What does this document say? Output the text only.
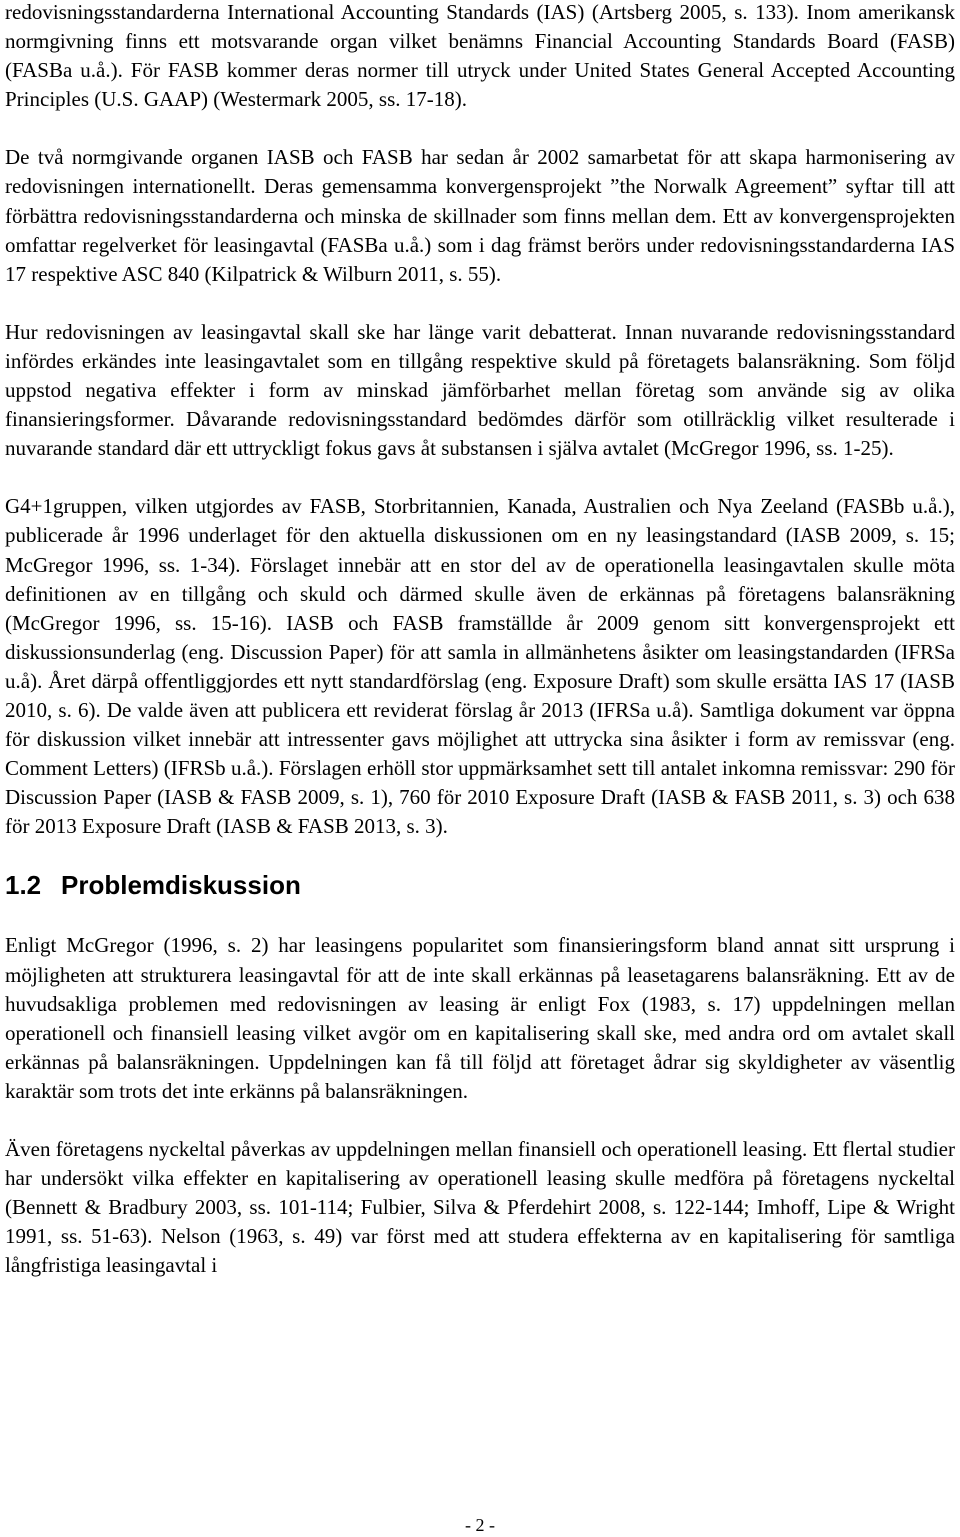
redovisningsstandarderna International Accounting Standards (IAS) (Artsberg 2005, s. 133). Inom amerikansk normgivning finns ett motsvarande organ vilket benämns Financial Accounting Standards Board (FASB) (FASBa u.å.). För FASB kommer deras normer till utryck under United States General Accepted Accounting Principles (U.S. GAAP) (Westermark 2005, ss. 17-18).

De två normgivande organen IASB och FASB har sedan år 2002 samarbetat för att skapa harmonisering av redovisningen internationellt. Deras gemensamma konvergensprojekt ”the Norwalk Agreement” syftar till att förbättra redovisningsstandarderna och minska de skillnader som finns mellan dem. Ett av konvergensprojekten omfattar regelverket för leasingavtal (FASBa u.å.) som i dag främst berörs under redovisningsstandarderna IAS 17 respektive ASC 840 (Kilpatrick & Wilburn 2011, s. 55).

Hur redovisningen av leasingavtal skall ske har länge varit debatterat. Innan nuvarande redovisningsstandard infördes erkändes inte leasingavtalet som en tillgång respektive skuld på företagets balansräkning. Som följd uppstod negativa effekter i form av minskad jämförbarhet mellan företag som använde sig av olika finansieringsformer. Dåvarande redovisningsstandard bedömdes därför som otillräcklig vilket resulterade i nuvarande standard där ett uttryckligt fokus gavs åt substansen i själva avtalet (McGregor 1996, ss. 1-25).

G4+1gruppen, vilken utgjordes av FASB, Storbritannien, Kanada, Australien och Nya Zeeland (FASBb u.å.), publicerade år 1996 underlaget för den aktuella diskussionen om en ny leasingstandard (IASB 2009, s. 15; McGregor 1996, ss. 1-34). Förslaget innebär att en stor del av de operationella leasingavtalen skulle möta definitionen av en tillgång och skuld och därmed skulle även de erkännas på företagens balansräkning (McGregor 1996, ss. 15-16). IASB och FASB framställde år 2009 genom sitt konvergensprojekt ett diskussionsunderlag (eng. Discussion Paper) för att samla in allmänhetens åsikter om leasingstandarden (IFRSa u.å). Året därpå offentliggjordes ett nytt standardförslag (eng. Exposure Draft) som skulle ersätta IAS 17 (IASB 2010, s. 6). De valde även att publicera ett reviderat förslag år 2013 (IFRSa u.å). Samtliga dokument var öppna för diskussion vilket innebär att intressenter gavs möjlighet att uttrycka sina åsikter i form av remissvar (eng. Comment Letters) (IFRSb u.å.). Förslagen erhöll stor uppmärksamhet sett till antalet inkomna remissvar: 290 för Discussion Paper (IASB & FASB 2009, s. 1), 760 för 2010 Exposure Draft (IASB & FASB 2011, s. 3) och 638 för 2013 Exposure Draft (IASB & FASB 2013, s. 3).

1.2 Problemdiskussion

Enligt McGregor (1996, s. 2) har leasingens popularitet som finansieringsform bland annat sitt ursprung i möjligheten att strukturera leasingavtal för att de inte skall erkännas på leasetagarens balansräkning. Ett av de huvudsakliga problemen med redovisningen av leasing är enligt Fox (1983, s. 17) uppdelningen mellan operationell och finansiell leasing vilket avgör om en kapitalisering skall ske, med andra ord om avtalet skall erkännas på balansräkningen. Uppdelningen kan få till följd att företaget ådrar sig skyldigheter av väsentlig karaktär som trots det inte erkänns på balansräkningen.

Även företagens nyckeltal påverkas av uppdelningen mellan finansiell och operationell leasing. Ett flertal studier har undersökt vilka effekter en kapitalisering av operationell leasing skulle medföra på företagens nyckeltal (Bennett & Bradbury 2003, ss. 101-114; Fulbier, Silva & Pferdehirt 2008, s. 122-144; Imhoff, Lipe & Wright 1991, ss. 51-63). Nelson (1963, s. 49) var först med att studera effekterna av en kapitalisering för samtliga långfristiga leasingavtal i

- 2 -
